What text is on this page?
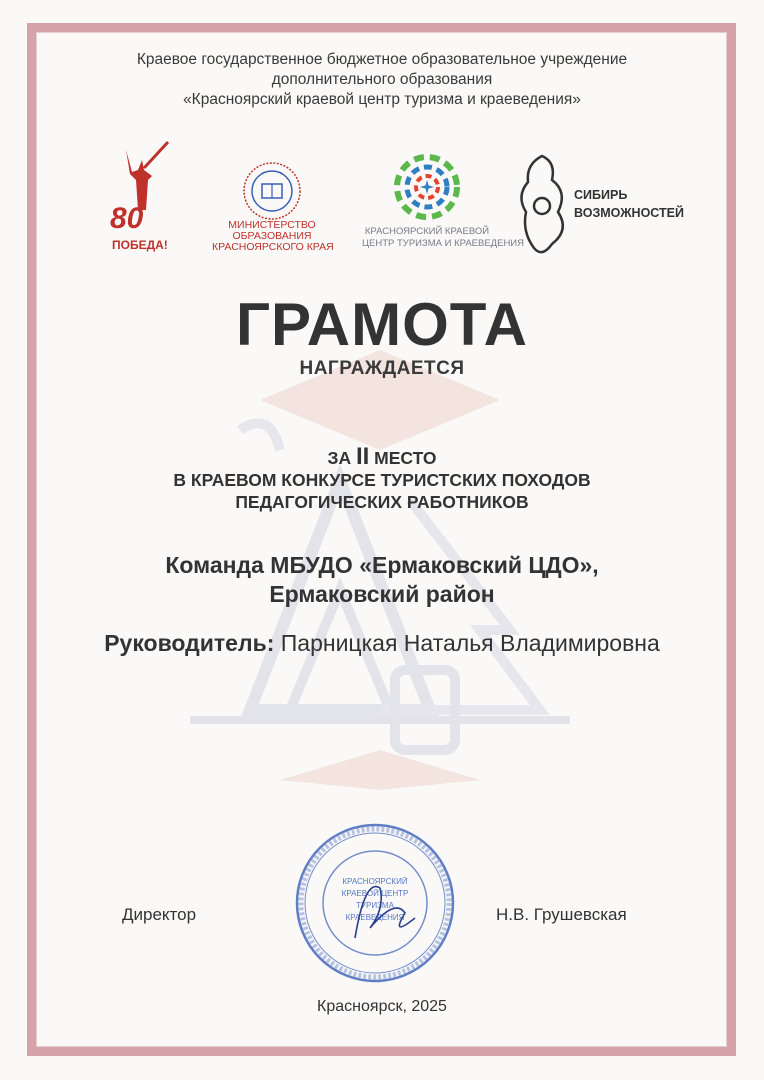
Краевое государственное бюджетное образовательное учреждение
дополнительного образования
«Красноярский краевой центр туризма и краеведения»
80
ПОБЕДА!
МИНИСТЕРСТВО
ОБРАЗОВАНИЯ
КРАСНОЯРСКОГО КРАЯ
КРАСНОЯРСКИЙ КРАЕВОЙ
ЦЕНТР ТУРИЗМА И КРАЕВЕДЕНИЯ
СИБИРЬ
ВОЗМОЖНОСТЕЙ
ГРАМОТА
НАГРАЖДАЕТСЯ
ЗА II МЕСТО
В КРАЕВОМ КОНКУРСЕ ТУРИСТСКИХ ПОХОДОВ
ПЕДАГОГИЧЕСКИХ РАБОТНИКОВ
Команда МБУДО «Ермаковский ЦДО»,
Ермаковский район
Руководитель: Парницкая Наталья Владимировна
КРАСНОЯРСКИЙ
КРАЕВОЙ ЦЕНТР
ТУРИЗМА
КРАЕВЕДЕНИЯ
Директор	Н.В. Грушевская
Красноярск, 2025
